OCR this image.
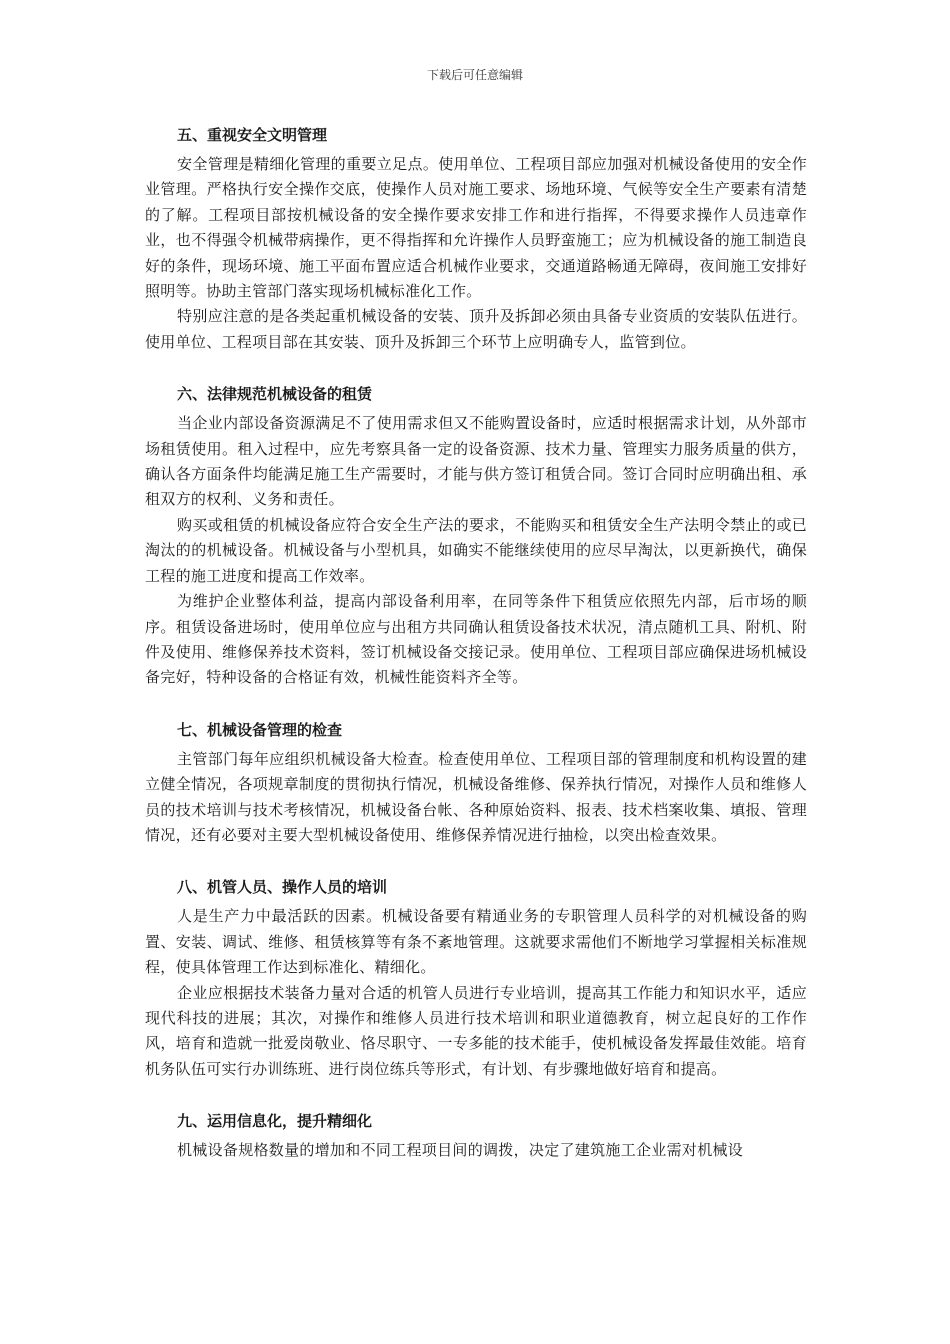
下载后可任意编辑

五、重视安全文明管理

安全管理是精细化管理的重要立足点。使用单位、工程项目部应加强对机械设备使用的安全作业管理。严格执行安全操作交底，使操作人员对施工要求、场地环境、气候等安全生产要素有清楚的了解。工程项目部按机械设备的安全操作要求安排工作和进行指挥，不得要求操作人员违章作业，也不得强令机械带病操作，更不得指挥和允许操作人员野蛮施工；应为机械设备的施工制造良好的条件，现场环境、施工平面布置应适合机械作业要求，交通道路畅通无障碍，夜间施工安排好照明等。协助主管部门落实现场机械标准化工作。

特别应注意的是各类起重机械设备的安装、顶升及拆卸必须由具备专业资质的安装队伍进行。使用单位、工程项目部在其安装、顶升及拆卸三个环节上应明确专人，监管到位。

六、法律规范机械设备的租赁

当企业内部设备资源满足不了使用需求但又不能购置设备时，应适时根据需求计划，从外部市场租赁使用。租入过程中，应先考察具备一定的设备资源、技术力量、管理实力服务质量的供方，确认各方面条件均能满足施工生产需要时，才能与供方签订租赁合同。签订合同时应明确出租、承租双方的权利、义务和责任。

购买或租赁的机械设备应符合安全生产法的要求，不能购买和租赁安全生产法明令禁止的或已淘汰的的机械设备。机械设备与小型机具，如确实不能继续使用的应尽早淘汰，以更新换代，确保工程的施工进度和提高工作效率。

为维护企业整体利益，提高内部设备利用率，在同等条件下租赁应依照先内部，后市场的顺序。租赁设备进场时，使用单位应与出租方共同确认租赁设备技术状况，清点随机工具、附机、附件及使用、维修保养技术资料，签订机械设备交接记录。使用单位、工程项目部应确保进场机械设备完好，特种设备的合格证有效，机械性能资料齐全等。

七、机械设备管理的检查

主管部门每年应组织机械设备大检查。检查使用单位、工程项目部的管理制度和机构设置的建立健全情况，各项规章制度的贯彻执行情况，机械设备维修、保养执行情况，对操作人员和维修人员的技术培训与技术考核情况，机械设备台帐、各种原始资料、报表、技术档案收集、填报、管理情况，还有必要对主要大型机械设备使用、维修保养情况进行抽检，以突出检查效果。

八、机管人员、操作人员的培训

人是生产力中最活跃的因素。机械设备要有精通业务的专职管理人员科学的对机械设备的购置、安装、调试、维修、租赁核算等有条不紊地管理。这就要求需他们不断地学习掌握相关标准规程，使具体管理工作达到标准化、精细化。

企业应根据技术装备力量对合适的机管人员进行专业培训，提高其工作能力和知识水平，适应现代科技的进展；其次，对操作和维修人员进行技术培训和职业道德教育，树立起良好的工作作风，培育和造就一批爱岗敬业、恪尽职守、一专多能的技术能手，使机械设备发挥最佳效能。培育机务队伍可实行办训练班、进行岗位练兵等形式，有计划、有步骤地做好培育和提高。

九、运用信息化，提升精细化

机械设备规格数量的增加和不同工程项目间的调拨，决定了建筑施工企业需对机械设
